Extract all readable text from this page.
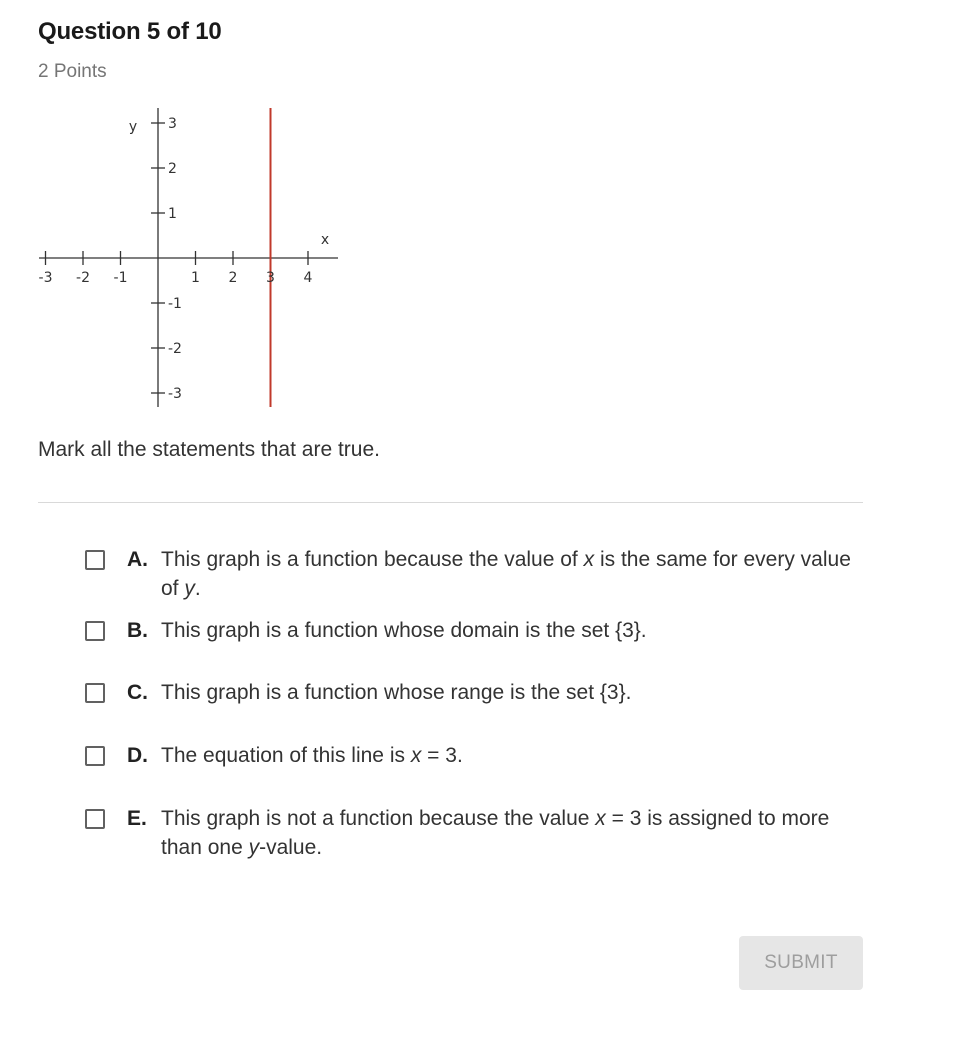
Question 5 of 10
2 Points
-3 -2 -1	1 2 3 4
3
2
1
-1
-2
-3
x
y

Mark all the statements that are true.

A. This graph is a function because the value of x is the same for every value of y.
B. This graph is a function whose domain is the set {3}.
C. This graph is a function whose range is the set {3}.
D. The equation of this line is x = 3.
E. This graph is not a function because the value x = 3 is assigned to more than one y-value.
SUBMIT
